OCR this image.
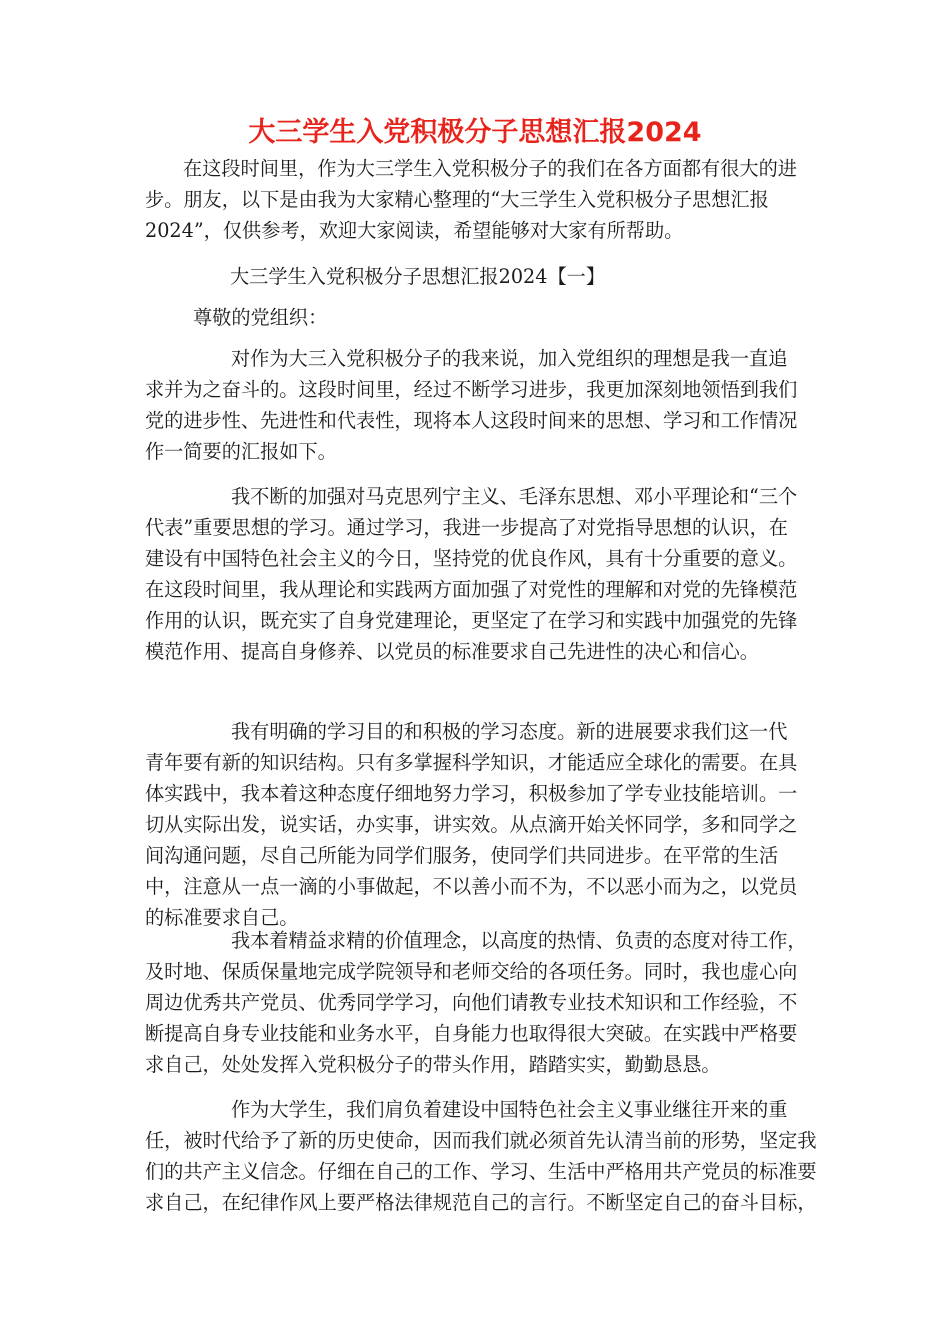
大三学生入党积极分子思想汇报2024

在这段时间里，作为大三学生入党积极分子的我们在各方面都有很大的进步。朋友，以下是由我为大家精心整理的“大三学生入党积极分子思想汇报2024”，仅供参考，欢迎大家阅读，希望能够对大家有所帮助。

大三学生入党积极分子思想汇报2024【一】

尊敬的党组织：

对作为大三入党积极分子的我来说，加入党组织的理想是我一直追求并为之奋斗的。这段时间里，经过不断学习进步，我更加深刻地领悟到我们党的进步性、先进性和代表性，现将本人这段时间来的思想、学习和工作情况作一简要的汇报如下。

我不断的加强对马克思列宁主义、毛泽东思想、邓小平理论和“三个代表”重要思想的学习。通过学习，我进一步提高了对党指导思想的认识，在建设有中国特色社会主义的今日，坚持党的优良作风，具有十分重要的意义。在这段时间里，我从理论和实践两方面加强了对党性的理解和对党的先锋模范作用的认识，既充实了自身党建理论，更坚定了在学习和实践中加强党的先锋模范作用、提高自身修养、以党员的标准要求自己先进性的决心和信心。

我有明确的学习目的和积极的学习态度。新的进展要求我们这一代青年要有新的知识结构。只有多掌握科学知识，才能适应全球化的需要。在具体实践中，我本着这种态度仔细地努力学习，积极参加了学专业技能培训。一切从实际出发，说实话，办实事，讲实效。从点滴开始关怀同学，多和同学之间沟通问题，尽自己所能为同学们服务，使同学们共同进步。在平常的生活中，注意从一点一滴的小事做起，不以善小而不为，不以恶小而为之，以党员的标准要求自己。

我本着精益求精的价值理念，以高度的热情、负责的态度对待工作，及时地、保质保量地完成学院领导和老师交给的各项任务。同时，我也虚心向周边优秀共产党员、优秀同学学习，向他们请教专业技术知识和工作经验，不断提高自身专业技能和业务水平，自身能力也取得很大突破。在实践中严格要求自己，处处发挥入党积极分子的带头作用，踏踏实实，勤勤恳恳。

作为大学生，我们肩负着建设中国特色社会主义事业继往开来的重任，被时代给予了新的历史使命，因而我们就必须首先认清当前的形势，坚定我们的共产主义信念。仔细在自己的工作、学习、生活中严格用共产党员的标准要求自己，在纪律作风上要严格法律规范自己的言行。不断坚定自己的奋斗目标，
